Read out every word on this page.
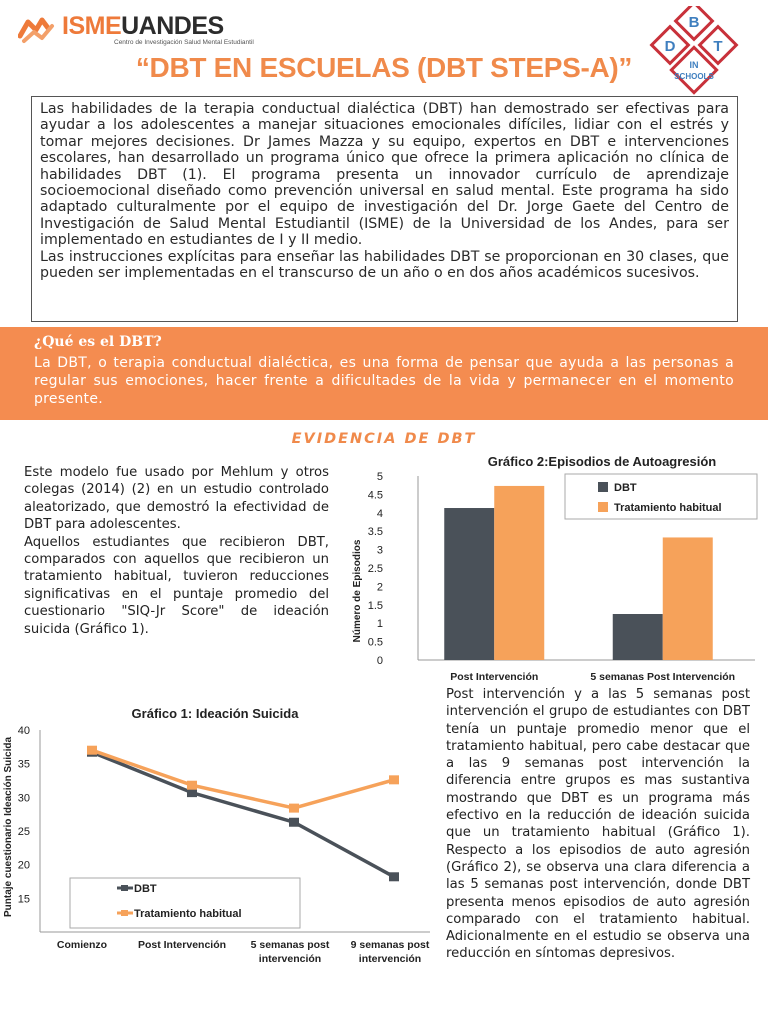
ISMEUANDES
Centro de Investigación Salud Mental Estudiantil
B
D	T
IN
SCHOOLS
“DBT EN ESCUELAS (DBT STEPS-A)”

Las habilidades de la terapia conductual dialéctica (DBT) han demostrado ser efectivas para ayudar a los adolescentes a manejar situaciones emocionales difíciles, lidiar con el estrés y tomar mejores decisiones. Dr James Mazza y su equipo, expertos en DBT e intervenciones escolares, han desarrollado un programa único que ofrece la primera aplicación no clínica de habilidades DBT (1). El programa presenta un innovador currículo de aprendizaje socioemocional diseñado como prevención universal en salud mental. Este programa ha sido adaptado culturalmente por el equipo de investigación del Dr. Jorge Gaete del Centro de Investigación de Salud Mental Estudiantil (ISME) de la Universidad de los Andes, para ser implementado en estudiantes de I y II medio.

Las instrucciones explícitas para enseñar las habilidades DBT se proporcionan en 30 clases, que pueden ser implementadas en el transcurso de un año o en dos años académicos sucesivos.

¿Qué es el DBT?
La DBT, o terapia conductual dialéctica, es una forma de pensar que ayuda a las personas a regular sus emociones, hacer frente a dificultades de la vida y permanecer en el momento presente.
EVIDENCIA DE DBT

Este modelo fue usado por Mehlum y otros colegas (2014) (2) en un estudio controlado aleatorizado, que demostró la efectividad de DBT para adolescentes.

Aquellos estudiantes que recibieron DBT, comparados con aquellos que recibieron un tratamiento habitual, tuvieron reducciones significativas en el puntaje promedio del cuestionario "SIQ-Jr Score" de ideación suicida (Gráfico 1).

Post intervención y a las 5 semanas post intervención el grupo de estudiantes con DBT tenía un puntaje promedio menor que el tratamiento habitual, pero cabe destacar que a las 9 semanas post intervención la diferencia entre grupos es mas sustantiva mostrando que DBT es un programa más efectivo en la reducción de ideación suicida que un tratamiento habitual (Gráfico 1). Respecto a los episodios de auto agresión (Gráfico 2), se observa una clara diferencia a las 5 semanas post intervención, donde DBT presenta menos episodios de auto agresión comparado con el tratamiento habitual. Adicionalmente en el estudio se observa una reducción en síntomas depresivos.

Gráfico 2:Episodios de Autoagresión
Número de Episodios
0
0.5
1
1.5
2
2.5
3
3.5
4
4.5
5
Post Intervención	5 semanas Post Intervención
DBT
Tratamiento habitual
Gráfico 1: Ideación Suicida
Puntaje cuestionario Ideación Suicida 15
20
25
30
35
40
Comienzo	Post Intervención 5 semanas post intervención
9 semanas post intervención
DBT
Tratamiento habitual
